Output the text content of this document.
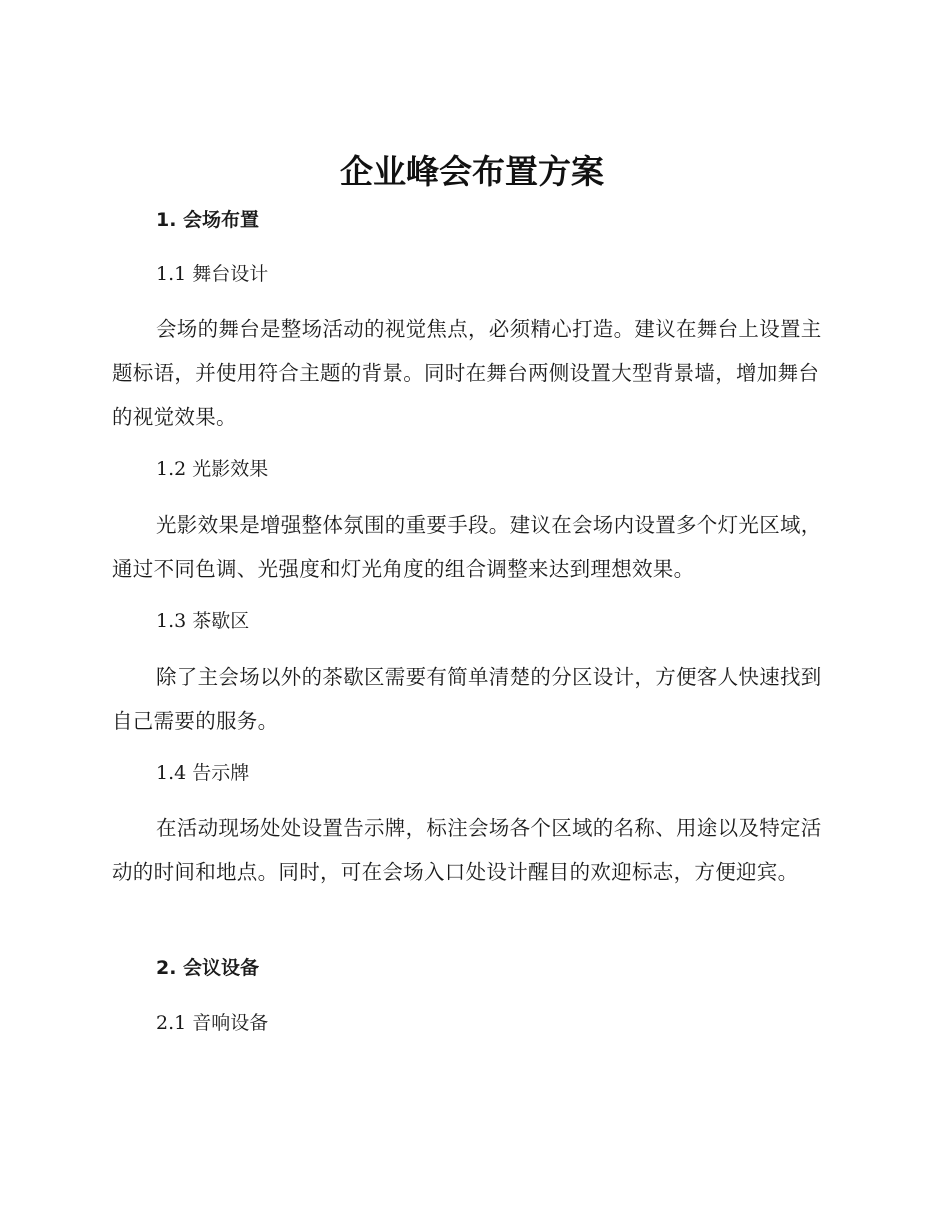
企业峰会布置方案
1. 会场布置
1.1 舞台设计

会场的舞台是整场活动的视觉焦点，必须精心打造。建议在舞台上设置主题标语，并使用符合主题的背景。同时在舞台两侧设置大型背景墙，增加舞台的视觉效果。

1.2 光影效果

光影效果是增强整体氛围的重要手段。建议在会场内设置多个灯光区域，通过不同色调、光强度和灯光角度的组合调整来达到理想效果。

1.3 茶歇区

除了主会场以外的茶歇区需要有简单清楚的分区设计，方便客人快速找到自己需要的服务。

1.4 告示牌

在活动现场处处设置告示牌，标注会场各个区域的名称、用途以及特定活动的时间和地点。同时，可在会场入口处设计醒目的欢迎标志，方便迎宾。

2. 会议设备
2.1 音响设备
